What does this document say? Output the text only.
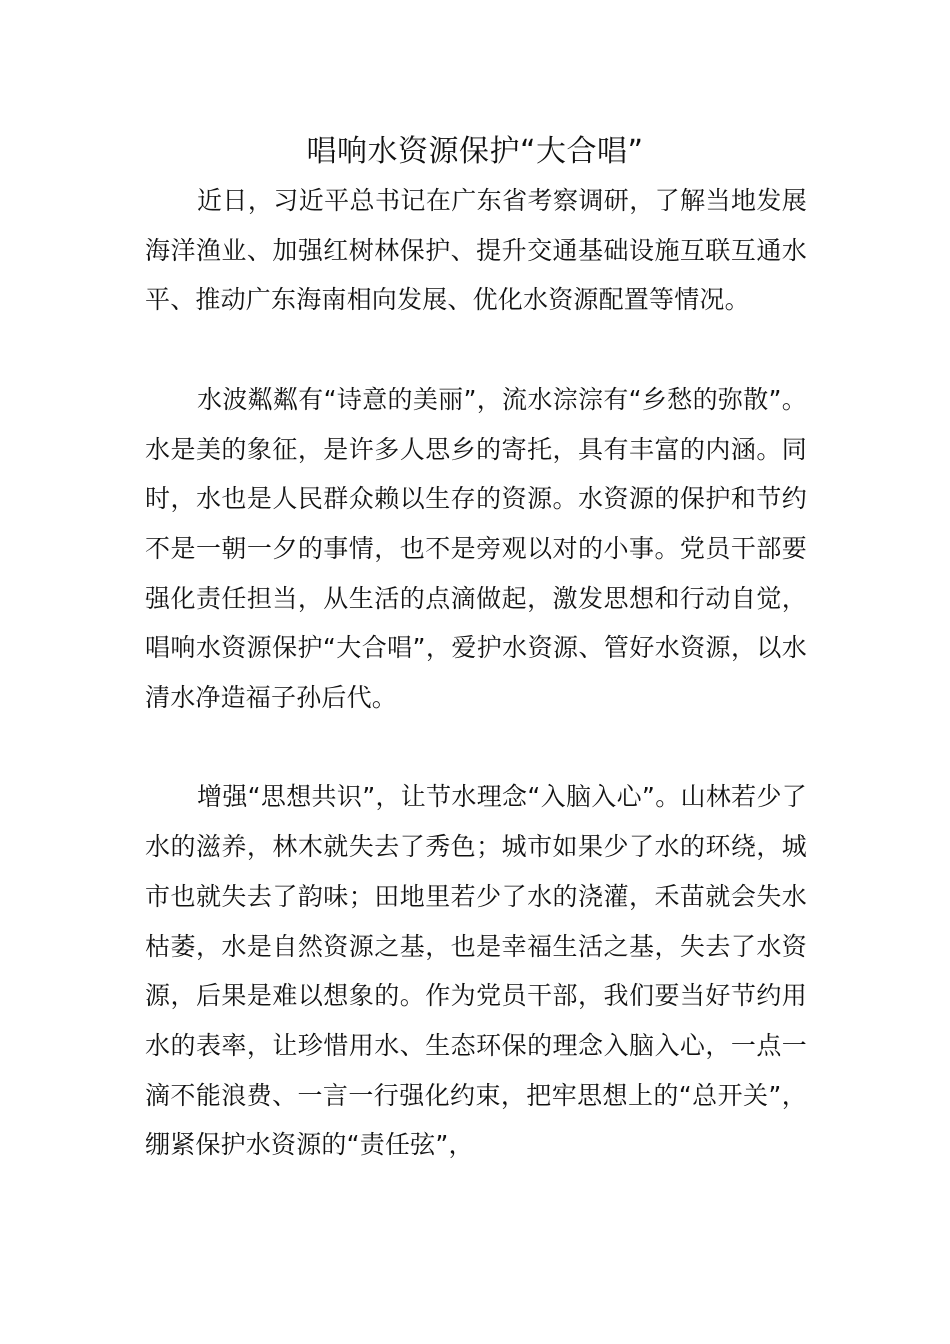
唱响水资源保护“大合唱”

近日，习近平总书记在广东省考察调研，了解当地发展海洋渔业、加强红树林保护、提升交通基础设施互联互通水平、推动广东海南相向发展、优化水资源配置等情况。

水波粼粼有“诗意的美丽”，流水淙淙有“乡愁的弥散”。水是美的象征，是许多人思乡的寄托，具有丰富的内涵。同时，水也是人民群众赖以生存的资源。水资源的保护和节约不是一朝一夕的事情，也不是旁观以对的小事。党员干部要强化责任担当，从生活的点滴做起，激发思想和行动自觉，唱响水资源保护“大合唱”，爱护水资源、管好水资源，以水清水净造福子孙后代。

增强“思想共识”，让节水理念“入脑入心”。山林若少了水的滋养，林木就失去了秀色；城市如果少了水的环绕，城市也就失去了韵味；田地里若少了水的浇灌，禾苗就会失水枯萎，水是自然资源之基，也是幸福生活之基，失去了水资源，后果是难以想象的。作为党员干部，我们要当好节约用水的表率，让珍惜用水、生态环保的理念入脑入心，一点一滴不能浪费、一言一行强化约束，把牢思想上的“总开关”，绷紧保护水资源的“责任弦”，
